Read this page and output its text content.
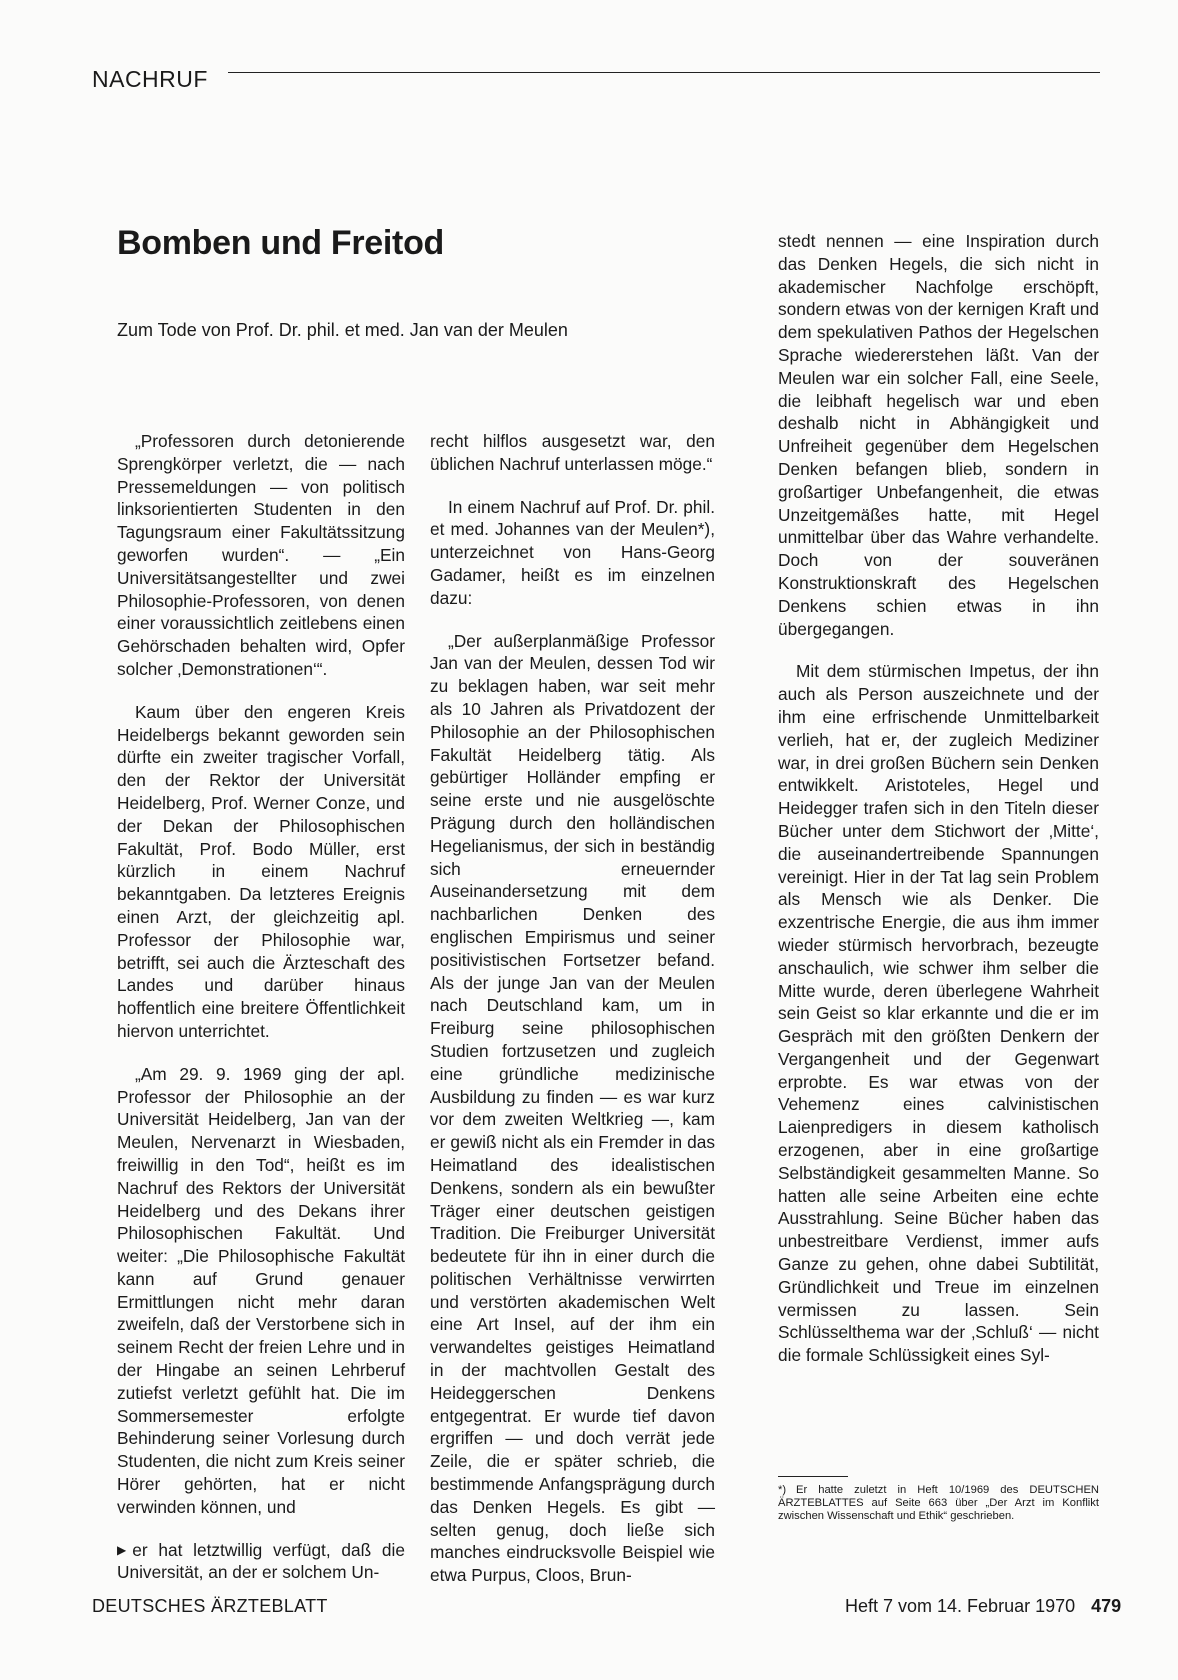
NACHRUF
Bomben und Freitod
Zum Tode von Prof. Dr. phil. et med. Jan van der Meulen

„Professoren durch detonierende Sprengkörper verletzt, die — nach Pressemeldungen — von politisch linksorientierten Studenten in den Tagungsraum einer Fakultätssitzung geworfen wurden“. — „Ein Universitätsangestellter und zwei Philosophie-Professoren, von denen einer voraussichtlich zeitlebens einen Gehörschaden behalten wird, Opfer solcher ‚Demonstrationen‘“.

Kaum über den engeren Kreis Heidelbergs bekannt geworden sein dürfte ein zweiter tragischer Vorfall, den der Rektor der Universität Heidelberg, Prof. Werner Conze, und der Dekan der Philosophischen Fakultät, Prof. Bodo Müller, erst kürzlich in einem Nachruf bekanntgaben. Da letzteres Ereignis einen Arzt, der gleichzeitig apl. Professor der Philosophie war, betrifft, sei auch die Ärzteschaft des Landes und darüber hinaus hoffentlich eine breitere Öffentlichkeit hiervon unterrichtet.

„Am 29. 9. 1969 ging der apl. Professor der Philosophie an der Universität Heidelberg, Jan van der Meulen, Nervenarzt in Wiesbaden, freiwillig in den Tod“, heißt es im Nachruf des Rektors der Universität Heidelberg und des Dekans ihrer Philosophischen Fakultät. Und weiter: „Die Philosophische Fakultät kann auf Grund genauer Ermittlungen nicht mehr daran zweifeln, daß der Verstorbene sich in seinem Recht der freien Lehre und in der Hingabe an seinen Lehrberuf zutiefst verletzt gefühlt hat. Die im Sommersemester erfolgte Behinderung seiner Vorlesung durch Studenten, die nicht zum Kreis seiner Hörer gehörten, hat er nicht verwinden können, und

▶ er hat letztwillig verfügt, daß die Universität, an der er solchem Un-

recht hilflos ausgesetzt war, den üblichen Nachruf unterlassen möge.“

In einem Nachruf auf Prof. Dr. phil. et med. Johannes van der Meulen*), unterzeichnet von Hans-Georg Gadamer, heißt es im einzelnen dazu:

„Der außerplanmäßige Professor Jan van der Meulen, dessen Tod wir zu beklagen haben, war seit mehr als 10 Jahren als Privatdozent der Philosophie an der Philosophischen Fakultät Heidelberg tätig. Als gebürtiger Holländer empfing er seine erste und nie ausgelöschte Prägung durch den holländischen Hegelianismus, der sich in beständig sich erneuernder Auseinandersetzung mit dem nachbarlichen Denken des englischen Empirismus und seiner positivistischen Fortsetzer befand. Als der junge Jan van der Meulen nach Deutschland kam, um in Freiburg seine philosophischen Studien fortzusetzen und zugleich eine gründliche medizinische Ausbildung zu finden — es war kurz vor dem zweiten Weltkrieg —, kam er gewiß nicht als ein Fremder in das Heimatland des idealistischen Denkens, sondern als ein bewußter Träger einer deutschen geistigen Tradition. Die Freiburger Universität bedeutete für ihn in einer durch die politischen Verhältnisse verwirrten und verstörten akademischen Welt eine Art Insel, auf der ihm ein verwandeltes geistiges Heimatland in der machtvollen Gestalt des Heideggerschen Denkens entgegentrat. Er wurde tief davon ergriffen — und doch verrät jede Zeile, die er später schrieb, die bestimmende Anfangsprägung durch das Denken Hegels. Es gibt — selten genug, doch ließe sich manches eindrucksvolle Beispiel wie etwa Purpus, Cloos, Brun-

stedt nennen — eine Inspiration durch das Denken Hegels, die sich nicht in akademischer Nachfolge erschöpft, sondern etwas von der kernigen Kraft und dem spekulativen Pathos der Hegelschen Sprache wiedererstehen läßt. Van der Meulen war ein solcher Fall, eine Seele, die leibhaft hegelisch war und eben deshalb nicht in Abhängigkeit und Unfreiheit gegenüber dem Hegelschen Denken befangen blieb, sondern in großartiger Unbefangenheit, die etwas Unzeitgemäßes hatte, mit Hegel unmittelbar über das Wahre verhandelte. Doch von der souveränen Konstruktionskraft des Hegelschen Denkens schien etwas in ihn übergegangen.

Mit dem stürmischen Impetus, der ihn auch als Person auszeichnete und der ihm eine erfrischende Unmittelbarkeit verlieh, hat er, der zugleich Mediziner war, in drei großen Büchern sein Denken entwikkelt. Aristoteles, Hegel und Heidegger trafen sich in den Titeln dieser Bücher unter dem Stichwort der ‚Mitte‘, die auseinandertreibende Spannungen vereinigt. Hier in der Tat lag sein Problem als Mensch wie als Denker. Die exzentrische Energie, die aus ihm immer wieder stürmisch hervorbrach, bezeugte anschaulich, wie schwer ihm selber die Mitte wurde, deren überlegene Wahrheit sein Geist so klar erkannte und die er im Gespräch mit den größten Denkern der Vergangenheit und der Gegenwart erprobte. Es war etwas von der Vehemenz eines calvinistischen Laienpredigers in diesem katholisch erzogenen, aber in eine großartige Selbständigkeit gesammelten Manne. So hatten alle seine Arbeiten eine echte Ausstrahlung. Seine Bücher haben das unbestreitbare Verdienst, immer aufs Ganze zu gehen, ohne dabei Subtilität, Gründlichkeit und Treue im einzelnen vermissen zu lassen. Sein Schlüsselthema war der ‚Schluß‘ — nicht die formale Schlüssigkeit eines Syl-

*) Er hatte zuletzt in Heft 10/1969 des DEUTSCHEN ÄRZTEBLATTES auf Seite 663 über „Der Arzt im Konflikt zwischen Wissenschaft und Ethik“ geschrieben.
DEUTSCHES ÄRZTEBLATT	Heft 7 vom 14. Februar 1970 479
